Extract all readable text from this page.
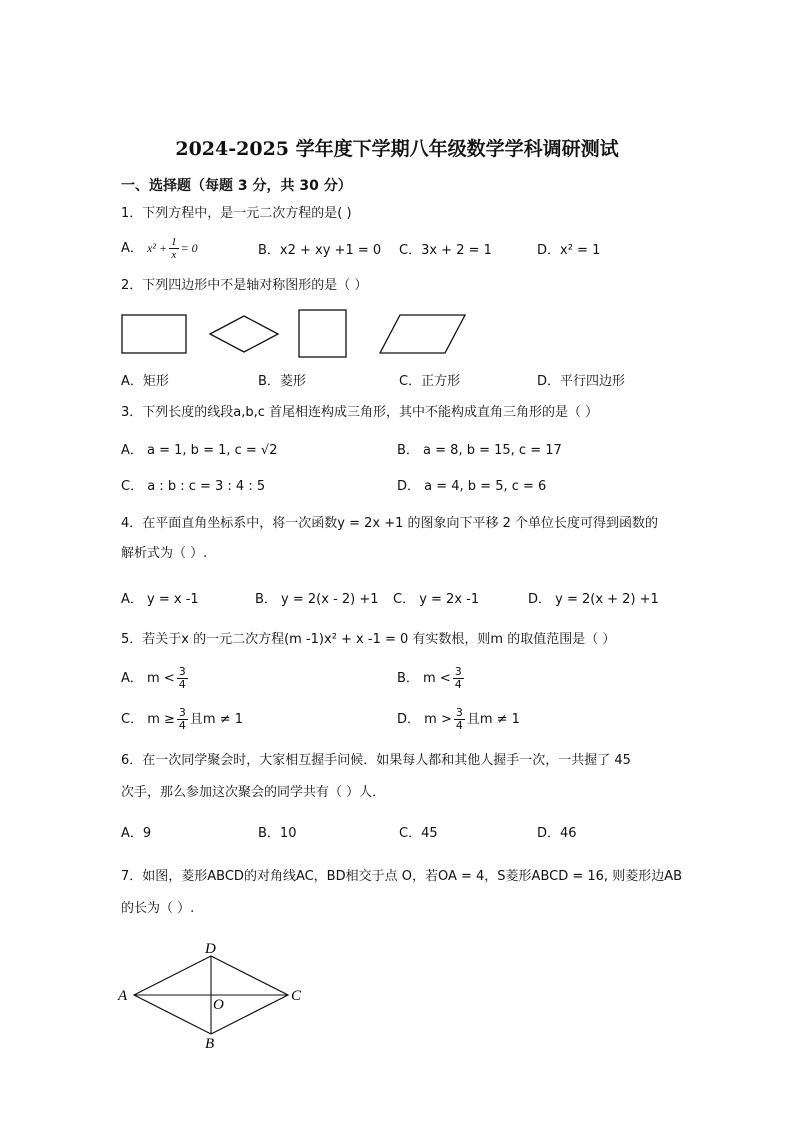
2024-2025 学年度下学期八年级数学学科调研测试
一、选择题（每题 3 分，共 30 分）
1．下列方程中，是一元二次方程的是( )
A． $x^2 + \frac{1}{x} = 0$	B．x2 + xy +1 = 0 C．3x + 2 = 1	D．x² = 1
2．下列四边形中不是轴对称图形的是（ ）
A．矩形	B．菱形	C．正方形	D．平行四边形
3．下列长度的线段a,b,c 首尾相连构成三角形，其中不能构成直角三角形的是（ ）
A． a = 1, b = 1, c = √2	B． a = 8, b = 15, c = 17
C． a : b : c = 3 : 4 : 5	D． a = 4, b = 5, c = 6
4．在平面直角坐标系中，将一次函数y = 2x +1 的图象向下平移 2 个单位长度可得到函数的
解析式为（ ）.
A． y = x -1	B． y = 2(x - 2) +1 C． y = 2x -1	D． y = 2(x + 2) +1
5．若关于x 的一元二次方程(m -1)x² + x -1 = 0 有实数根，则m 的取值范围是（ ）
A． $m < \frac{3}{4}$	B． $m < \frac{3}{4}$
C． $m \ge \frac{3}{4}$ 且m ≠ 1	D． $m > \frac{3}{4}$ 且m ≠ 1
6．在一次同学聚会时，大家相互握手问候．如果每人都和其他人握手一次，一共握了 45
次手，那么参加这次聚会的同学共有（ ）人．
A．9	B．10	C．45	D．46
7．如图，菱形ABCD的对角线AC，BD相交于点 O，若OA = 4，S菱形ABCD = 16, 则菱形边AB
的长为（ ）.
A
D
C
B
O
